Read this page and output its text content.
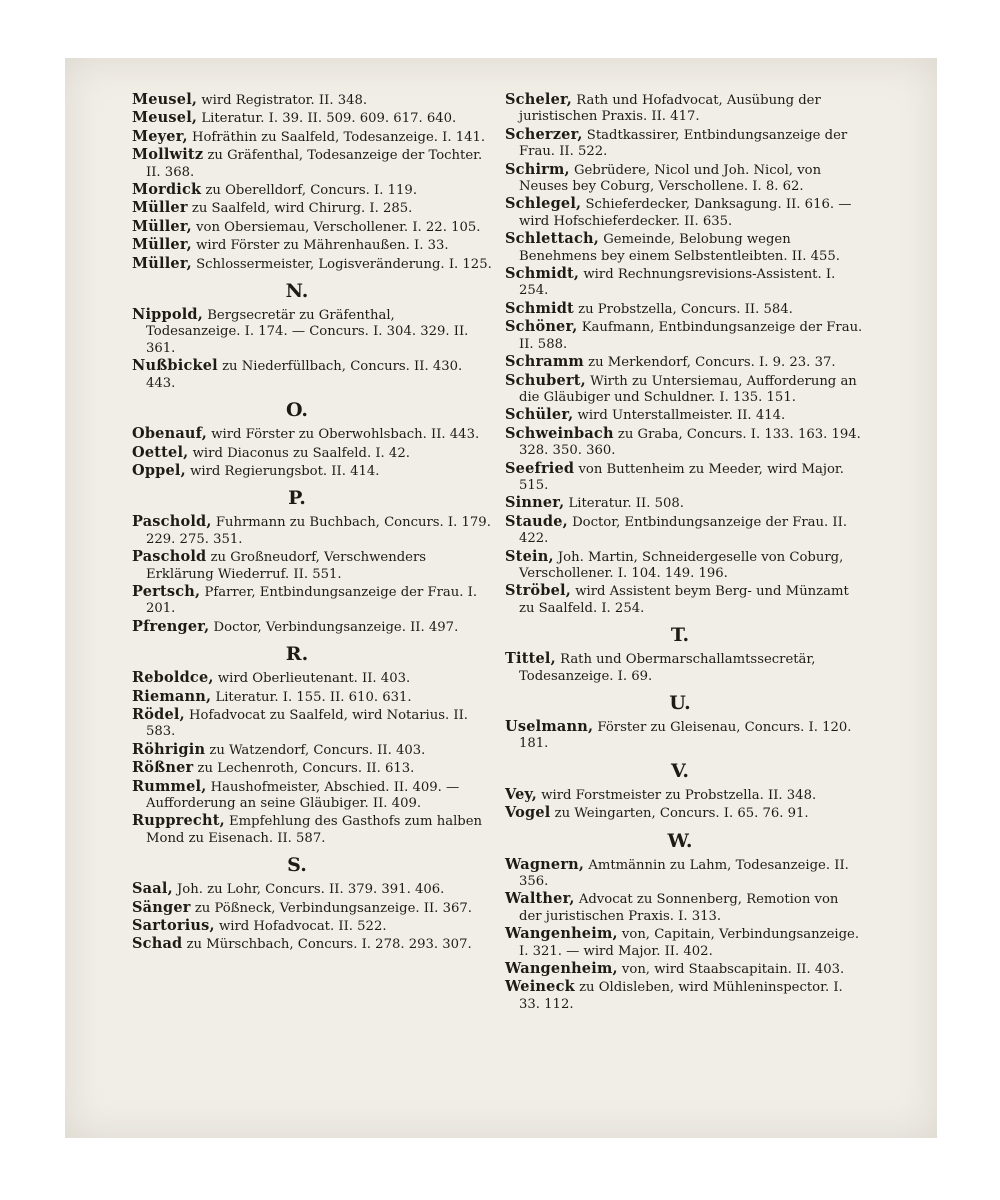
Meusel, wird Registrator. II. 348.
Meusel, Literatur. I. 39. II. 509. 609. 617. 640.
Meyer, Hofräthin zu Saalfeld, Todesanzeige. I. 141.
Mollwitz zu Gräfenthal, Todesanzeige der Tochter. II. 368.
Mordick zu Oberelldorf, Concurs. I. 119.
Müller zu Saalfeld, wird Chirurg. I. 285.
Müller, von Obersiemau, Verschollener. I. 22. 105.
Müller, wird Förster zu Mährenhaußen. I. 33.
Müller, Schlossermeister, Logisveränderung. I. 125.
N.
Nippold, Bergsecretär zu Gräfenthal, Todesanzeige. I. 174. — Concurs. I. 304. 329. II. 361.
Nußbickel zu Niederfüllbach, Concurs. II. 430. 443.
O.
Obenauf, wird Förster zu Oberwohlsbach. II. 443.
Oettel, wird Diaconus zu Saalfeld. I. 42.
Oppel, wird Regierungsbot. II. 414.
P.
Paschold, Fuhrmann zu Buchbach, Concurs. I. 179. 229. 275. 351.
Paschold zu Großneudorf, Verschwenders Erklärung Wiederruf. II. 551.
Pertsch, Pfarrer, Entbindungsanzeige der Frau. I. 201.
Pfrenger, Doctor, Verbindungsanzeige. II. 497.
R.
Reboldce, wird Oberlieutenant. II. 403.
Riemann, Literatur. I. 155. II. 610. 631.
Rödel, Hofadvocat zu Saalfeld, wird Notarius. II. 583.
Röhrigin zu Watzendorf, Concurs. II. 403.
Rößner zu Lechenroth, Concurs. II. 613.
Rummel, Haushofmeister, Abschied. II. 409. — Aufforderung an seine Gläubiger. II. 409.
Rupprecht, Empfehlung des Gasthofs zum halben Mond zu Eisenach. II. 587.
S.
Saal, Joh. zu Lohr, Concurs. II. 379. 391. 406.
Sänger zu Pößneck, Verbindungsanzeige. II. 367.
Sartorius, wird Hofadvocat. II. 522.
Schad zu Mürschbach, Concurs. I. 278. 293. 307.
Scheler, Rath und Hofadvocat, Ausübung der juristischen Praxis. II. 417.
Scherzer, Stadtkassirer, Entbindungsanzeige der Frau. II. 522.
Schirm, Gebrüdere, Nicol und Joh. Nicol, von Neuses bey Coburg, Verschollene. I. 8. 62.
Schlegel, Schieferdecker, Danksagung. II. 616. — wird Hofschieferdecker. II. 635.
Schlettach, Gemeinde, Belobung wegen Benehmens bey einem Selbstentleibten. II. 455.
Schmidt, wird Rechnungsrevisions-Assistent. I. 254.
Schmidt zu Probstzella, Concurs. II. 584.
Schöner, Kaufmann, Entbindungsanzeige der Frau. II. 588.
Schramm zu Merkendorf, Concurs. I. 9. 23. 37.
Schubert, Wirth zu Untersiemau, Aufforderung an die Gläubiger und Schuldner. I. 135. 151.
Schüler, wird Unterstallmeister. II. 414.
Schweinbach zu Graba, Concurs. I. 133. 163. 194. 328. 350. 360.
Seefried von Buttenheim zu Meeder, wird Major. 515.
Sinner, Literatur. II. 508.
Staude, Doctor, Entbindungsanzeige der Frau. II. 422.
Stein, Joh. Martin, Schneidergeselle von Coburg, Verschollener. I. 104. 149. 196.
Ströbel, wird Assistent beym Berg- und Münzamt zu Saalfeld. I. 254.
T.
Tittel, Rath und Obermarschallamtssecretär, Todesanzeige. I. 69.
U.
Uselmann, Förster zu Gleisenau, Concurs. I. 120. 181.
V.
Vey, wird Forstmeister zu Probstzella. II. 348.
Vogel zu Weingarten, Concurs. I. 65. 76. 91.
W.
Wagnern, Amtmännin zu Lahm, Todesanzeige. II. 356.
Walther, Advocat zu Sonnenberg, Remotion von der juristischen Praxis. I. 313.
Wangenheim, von, Capitain, Verbindungsanzeige. I. 321. — wird Major. II. 402.
Wangenheim, von, wird Staabscapitain. II. 403.
Weineck zu Oldisleben, wird Mühleninspector. I. 33. 112.
